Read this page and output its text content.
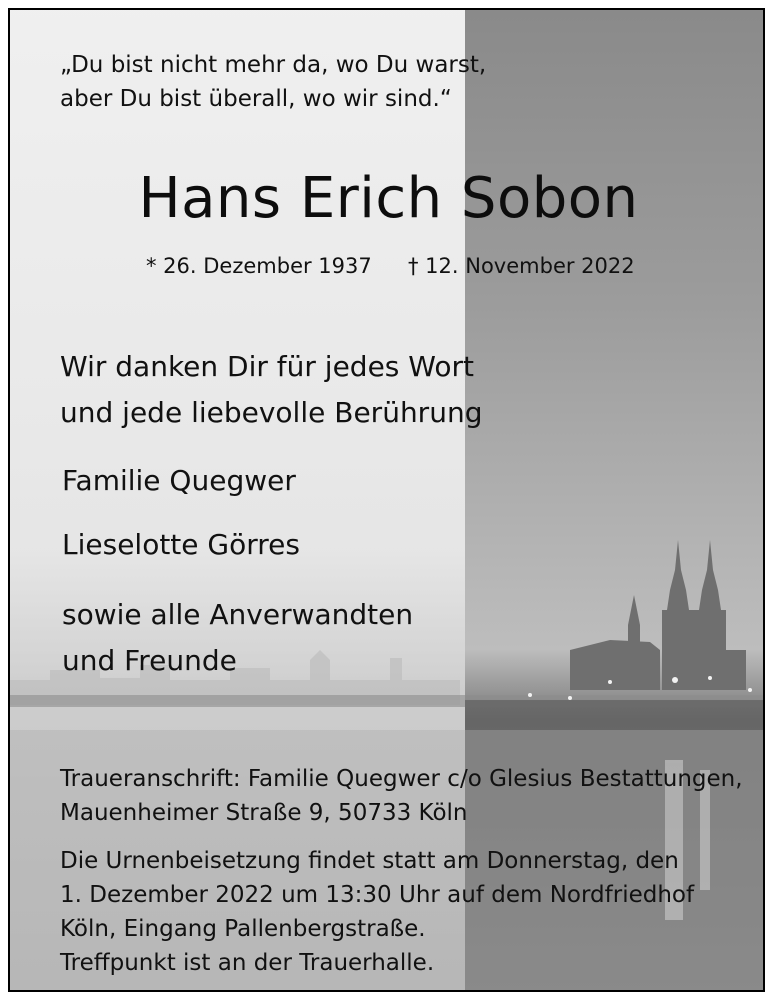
„Du bist nicht mehr da, wo Du warst,
aber Du bist überall, wo wir sind.“
Hans Erich Sobon
* 26. Dezember 1937 † 12. November 2022
Wir danken Dir für jedes Wort
und jede liebevolle Berührung
Familie Quegwer
Lieselotte Görres
sowie alle Anverwandten
und Freunde
Traueranschrift: Familie Quegwer c/o Glesius Bestattungen,
Mauenheimer Straße 9, 50733 Köln
Die Urnenbeisetzung findet statt am Donnerstag, den
1. Dezember 2022 um 13:30 Uhr auf dem Nordfriedhof
Köln, Eingang Pallenbergstraße.
Treffpunkt ist an der Trauerhalle.
